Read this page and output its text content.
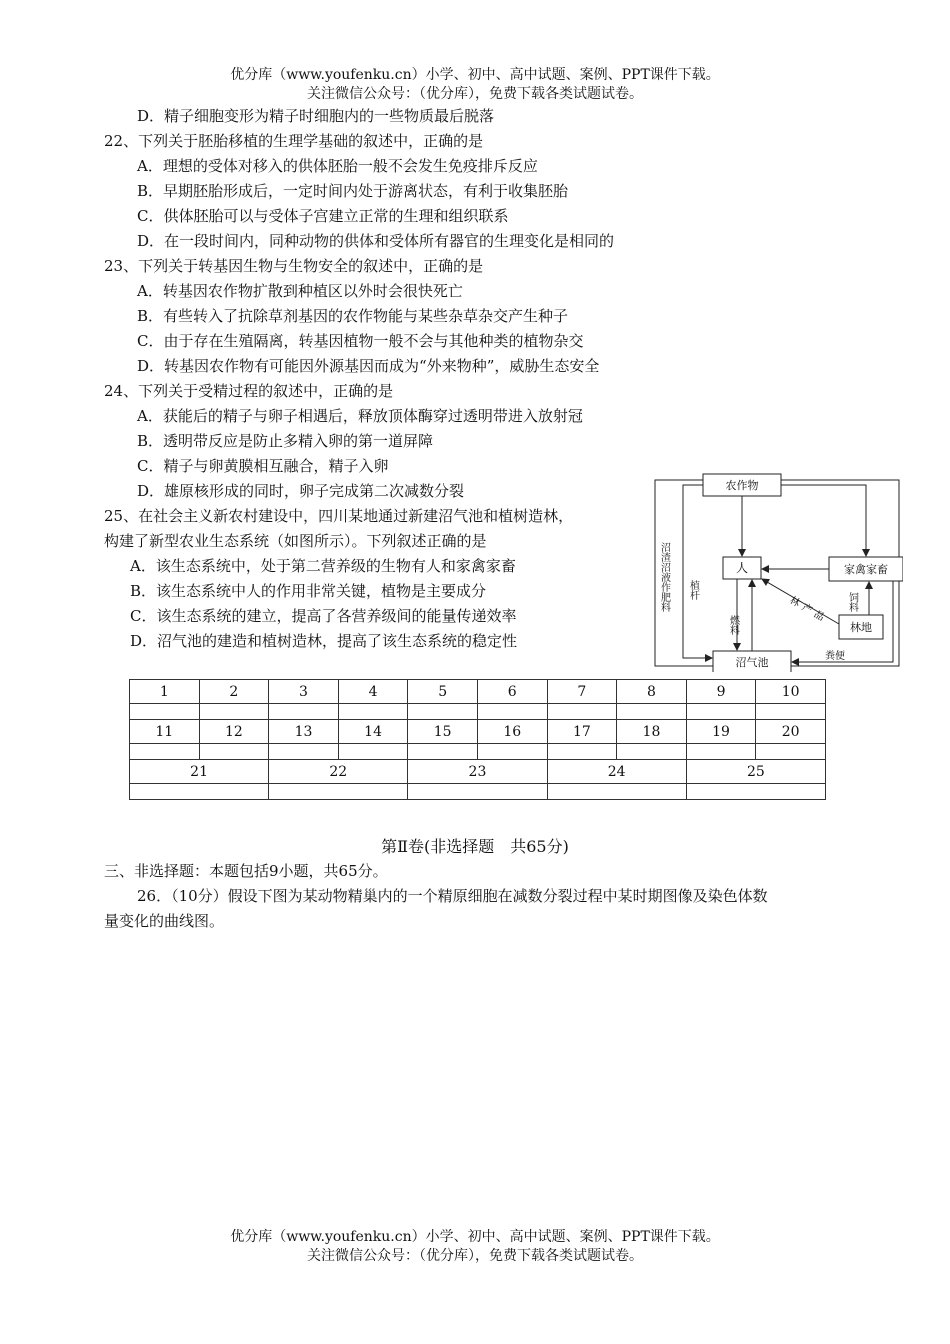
优分库（www.youfenku.cn）小学、初中、高中试题、案例、PPT课件下载。
关注微信公众号：（优分库），免费下载各类试题试卷。
D．精子细胞变形为精子时细胞内的一些物质最后脱落
22、下列关于胚胎移植的生理学基础的叙述中，正确的是
A．理想的受体对移入的供体胚胎一般不会发生免疫排斥反应
B．早期胚胎形成后，一定时间内处于游离状态，有利于收集胚胎
C．供体胚胎可以与受体子宫建立正常的生理和组织联系
D．在一段时间内，同种动物的供体和受体所有器官的生理变化是相同的
23、下列关于转基因生物与生物安全的叙述中，正确的是
A．转基因农作物扩散到种植区以外时会很快死亡
B．有些转入了抗除草剂基因的农作物能与某些杂草杂交产生种子
C．由于存在生殖隔离，转基因植物一般不会与其他种类的植物杂交
D．转基因农作物有可能因外源基因而成为“外来物种”，威胁生态安全
24、下列关于受精过程的叙述中，正确的是
A．获能后的精子与卵子相遇后，释放顶体酶穿过透明带进入放射冠
B．透明带反应是防止多精入卵的第一道屏障
C．精子与卵黄膜相互融合，精子入卵
D．雄原核形成的同时，卵子完成第二次减数分裂
25、在社会主义新农村建设中，四川某地通过新建沼气池和植树造林，
构建了新型农业生态系统（如图所示）。下列叙述正确的是
A．该生态系统中，处于第二营养级的生物有人和家禽家畜
B．该生态系统中人的作用非常关键，植物是主要成分
C．该生态系统的建立，提高了各营养级间的能量传递效率
D．沼气池的建造和植树造林，提高了该生态系统的稳定性
农作物
人	家禽家畜
林地
沼气池
沼渣沼液作肥料 植杆
燃料	林产品 饲料
粪便
1	2	3	4	5	6	7	8	9	10

11	12	13	14	15	16	17	18	19	20

21		22		23		24		25	

第Ⅱ卷(非选择题　共65分)
三、非选择题：本题包括9小题，共65分。
26．（10分）假设下图为某动物精巢内的一个精原细胞在减数分裂过程中某时期图像及染色体数
量变化的曲线图。
优分库（www.youfenku.cn）小学、初中、高中试题、案例、PPT课件下载。
关注微信公众号：（优分库），免费下载各类试题试卷。
